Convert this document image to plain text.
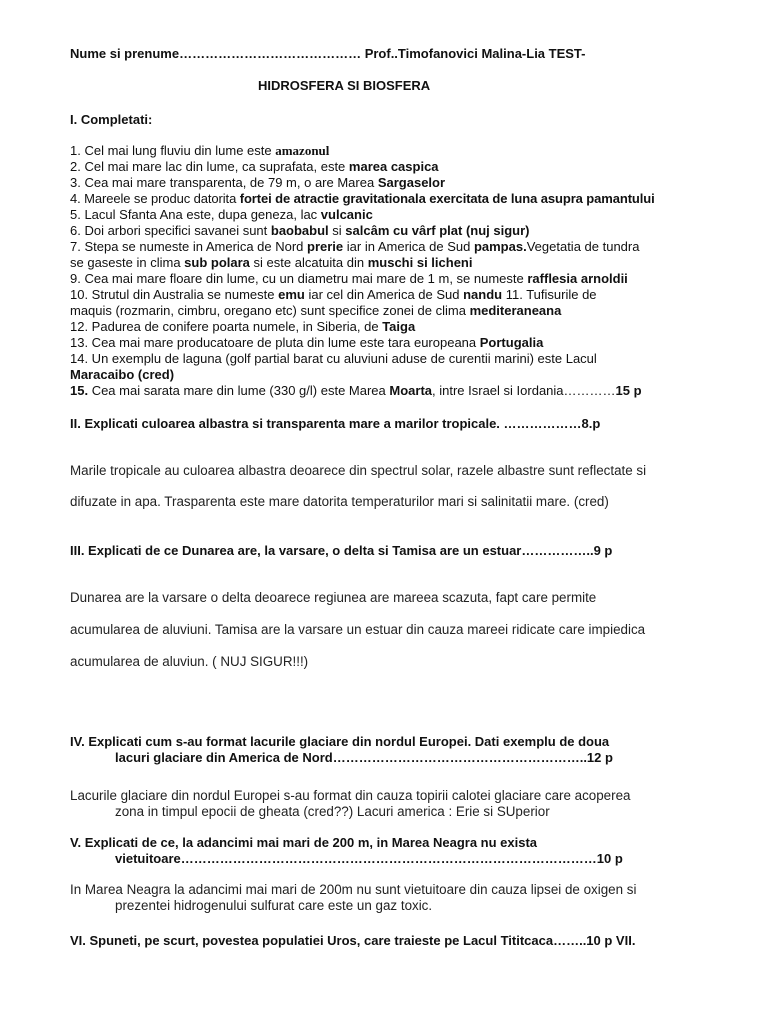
Nume si prenume…………………………………… Prof..Timofanovici Malina-Lia TEST-
HIDROSFERA SI BIOSFERA
I. Completati:
1. Cel mai lung fluviu din lume este amazonul
2. Cel mai mare lac din lume, ca suprafata, este marea caspica
3. Cea mai mare transparenta, de 79 m, o are Marea Sargaselor
4. Mareele se produc datorita fortei de atractie gravitationala exercitata de luna asupra pamantului
5. Lacul Sfanta Ana este, dupa geneza, lac vulcanic
6. Doi arbori specifici savanei sunt baobabul si salcâm cu vârf plat (nuj sigur)
7. Stepa se numeste in America de Nord prerie iar in America de Sud pampas.Vegetatia de tundra
se gaseste in clima sub polara si este alcatuita din muschi si licheni
9. Cea mai mare floare din lume, cu un diametru mai mare de 1 m, se numeste rafflesia arnoldii
10. Strutul din Australia se numeste emu iar cel din America de Sud nandu 11. Tufisurile de
maquis (rozmarin, cimbru, oregano etc) sunt specifice zonei de clima mediteraneana
12. Padurea de conifere poarta numele, in Siberia, de Taiga
13. Cea mai mare producatoare de pluta din lume este tara europeana Portugalia
14. Un exemplu de laguna (golf partial barat cu aluviuni aduse de curentii marini) este Lacul
Maracaibo (cred)
15. Cea mai sarata mare din lume (330 g/l) este Marea Moarta, intre Israel si Iordania…………15 p
II. Explicati culoarea albastra si transparenta mare a marilor tropicale. ………………8.p
Marile tropicale au culoarea albastra deoarece din spectrul solar, razele albastre sunt reflectate si
difuzate in apa. Trasparenta este mare datorita temperaturilor mari si salinitatii mare. (cred)
III. Explicati de ce Dunarea are, la varsare, o delta si Tamisa are un estuar……………..9 p
Dunarea are la varsare o delta deoarece regiunea are mareea scazuta, fapt care permite
acumularea de aluviuni. Tamisa are la varsare un estuar din cauza mareei ridicate care impiedica
acumularea de aluviun. ( NUJ SIGUR!!!)
IV. Explicati cum s-au format lacurile glaciare din nordul Europei. Dati exemplu de doua
lacuri glaciare din America de Nord…………………………………………………..12 p
Lacurile glaciare din nordul Europei s-au format din cauza topirii calotei glaciare care acoperea
zona in timpul epocii de gheata (cred??) Lacuri america : Erie si SUperior
V. Explicati de ce, la adancimi mai mari de 200 m, in Marea Neagra nu exista
vietuitoare……………………………………………………………………………………10 p
In Marea Neagra la adancimi mai mari de 200m nu sunt vietuitoare din cauza lipsei de oxigen si
prezentei hidrogenului sulfurat care este un gaz toxic.
VI. Spuneti, pe scurt, povestea populatiei Uros, care traieste pe Lacul Tititcaca……..10 p VII.
